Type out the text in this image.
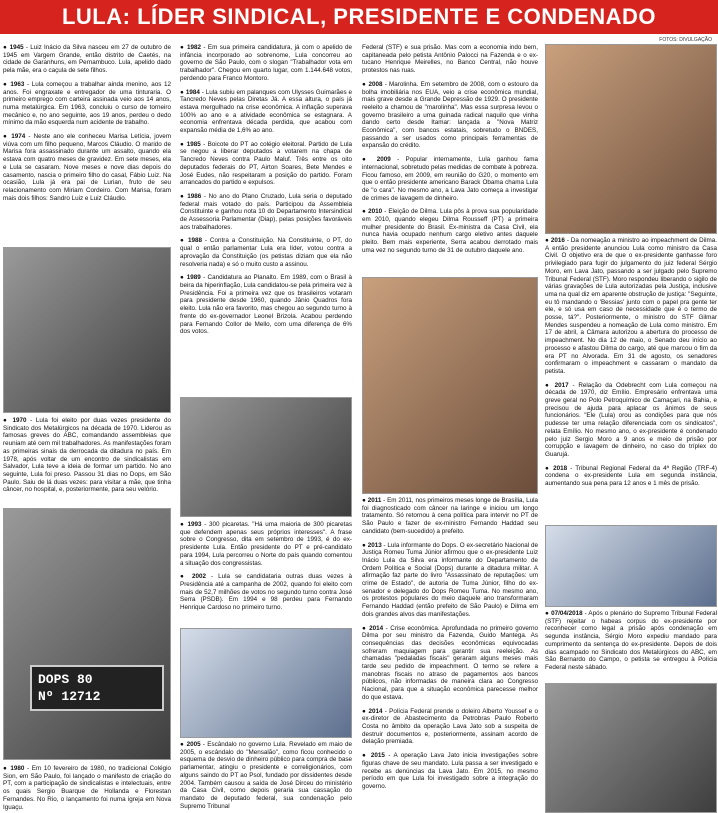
LULA: LÍDER SINDICAL, PRESIDENTE E CONDENADO
FOTOS: DIVULGAÇÃO

● 1945 - Luiz Inácio da Silva nasceu em 27 de outubro de 1945 em Vargem Grande, então distrito de Caetés, na cidade de Garanhuns, em Pernambuco. Lula, apelido dado pela mãe, era o caçula de sete filhos.

● 1963 - Lula começou a trabalhar ainda menino, aos 12 anos. Foi engraxate e entregador de uma tinturaria. O primeiro emprego com carteira assinada veio aos 14 anos, numa metalúrgica. Em 1963, concluiu o curso de torneiro mecânico e, no ano seguinte, aos 19 anos, perdeu o dedo mínimo da mão esquerda num acidente de trabalho.

● 1974 - Neste ano ele conheceu Marisa Letícia, jovem viúva com um filho pequeno, Marcos Cláudio. O marido de Marisa fora assassinado durante um assalto, quando ela estava com quatro meses de gravidez. Em sete meses, ela e Lula se casaram. Nove meses e nove dias depois do casamento, nascia o primeiro filho do casal, Fábio Luiz. Na ocasião, Lula já era pai de Lurian, fruto de seu relacionamento com Miriam Cordeiro. Com Marisa, foram mais dois filhos: Sandro Luiz e Luiz Cláudio.

● 1970 - Lula foi eleito por duas vezes presidente do Sindicato dos Metalúrgicos na década de 1970. Liderou as famosas greves do ABC, comandando assembleias que reuniam até cem mil trabalhadores. As manifestações foram as primeiras sinais da derrocada da ditadura no país. Em 1978, após voltar de um encontro de sindicalistas em Salvador, Lula teve a ideia de formar um partido. No ano seguinte, Lula foi preso. Passou 31 dias no Dops, em São Paulo. Saiu de lá duas vezes: para visitar a mãe, que tinha câncer, no hospital, e, posteriormente, para seu velório.

DOPS 80
Nº 12712

● 1980 - Em 10 fevereiro de 1980, no tradicional Colégio Sion, em São Paulo, foi lançado o manifesto de criação do PT, com a participação de sindicalistas e intelectuais, entre os quais Sergio Buarque de Hollanda e Florestan Fernandes. No Rio, o lançamento foi numa igreja em Nova Iguaçu.

● 1982 - Em sua primeira candidatura, já com o apelido de infância incorporado ao sobrenome, Lula concorreu ao governo de São Paulo, com o slogan "Trabalhador vota em trabalhador". Chegou em quarto lugar, com 1.144.648 votos, perdendo para Franco Montoro.

● 1984 - Lula subiu em palanques com Ulysses Guimarães e Tancredo Neves pelas Diretas Já. A essa altura, o país já estava mergulhado na crise econômica. A inflação superava 100% ao ano e a atividade econômica se estagnara. A economia enfrentava década perdida, que acabou com expansão média de 1,6% ao ano.

● 1985 - Boicote do PT ao colégio eleitoral. Partido de Lula se negou a liberar deputados a votarem na chapa de Tancredo Neves contra Paulo Maluf. Três entre os oito deputados federais do PT, Airton Soares, Bete Mendes e José Eudes, não respeitaram a posição do partido. Foram arrancados do partido e expulsos.

● 1986 - No ano do Plano Cruzado, Lula seria o deputado federal mais votado do país. Participou da Assembleia Constituinte e ganhou nota 10 do Departamento Intersindical de Assessoria Parlamentar (Diap), pelas posições favoráveis aos trabalhadores.

● 1988 - Contra a Constituição. Na Constituinte, o PT, do qual o então parlamentar Lula era líder, votou contra a aprovação da Constituição (os petistas diziam que ela não resolveria nada) e só o muito custo a assinou.

● 1989 - Candidatura ao Planalto. Em 1989, com o Brasil à beira da hiperinflação, Lula candidatou-se pela primeira vez à Presidência. Foi a primeira vez que os brasileiros votaram para presidente desde 1960, quando Jânio Quadros fora eleito. Lula não era favorito, mas chegou ao segundo turno à frente do ex-governador Leonel Brizola. Acabou perdendo para Fernando Collor de Mello, com uma diferença de 6% dos votos.

● 1993 - 300 picaretas. "Há uma maioria de 300 picaretas que defendem apenas seus próprios interesses". A frase sobre o Congresso, dita em setembro de 1993, é do ex-presidente Lula. Então presidente do PT e pré-candidato para 1994, Lula percorreu o Norte do país quando comentou a situação dos congressistas.

● 2002 - Lula se candidataria outras duas vezes à Presidência até a campanha de 2002, quando foi eleito com mais de 52,7 milhões de votos no segundo turno contra José Serra (PSDB). Em 1994 e 98 perdeu para Fernando Henrique Cardoso no primeiro turno.

● 2005 - Escândalo no governo Lula. Revelado em maio de 2005, o escândalo do "Mensalão", como ficou conhecido o esquema de desvio de dinheiro público para compra de base parlamentar, atingiu o presidente e correligionários, com alguns saindo do PT ao Psol, fundado por dissidentes desde 2004. Também causou a saída de José Dirceu do ministério da Casa Civil, como depois geraria sua cassação do mandato de deputado federal, sua condenação pelo Supremo Tribunal

Federal (STF) e sua prisão. Mas com a economia indo bem, capitaneada pelo petista Antônio Palocci na Fazenda e o ex-tucano Henrique Meirelles, no Banco Central, não houve protestos nas ruas.

● 2008 - Marolinha. Em setembro de 2008, com o estouro da bolha imobiliária nos EUA, veio a crise econômica mundial, mais grave desde a Grande Depressão de 1929. O presidente reeleito a chamou de "marolinha". Mas essa surpresa levou o governo brasileiro a uma guinada radical naquilo que vinha dando certo desde Itamar: lançada a "Nova Matriz Econômica", com bancos estatais, sobretudo o BNDES, passando a ser usados como principais ferramentas de expansão do crédito.

● 2009 - Popular internamente, Lula ganhou fama internacional, sobretudo pelas medidas de combate à pobreza. Ficou famoso, em 2009, em reunião do G20, o momento em que o então presidente americano Barack Obama chama Lula de "o cara". No mesmo ano, a Lava Jato começa a investigar de crimes de lavagem de dinheiro.

● 2010 - Eleição de Dilma. Lula pôs à prova sua popularidade em 2010, quando elegeu Dilma Rousseff (PT) a primeira mulher presidente do Brasil. Ex-ministra da Casa Civil, ela nunca havia ocupado nenhum cargo eletivo antes daquele pleito. Bem mais experiente, Serra acabou derrotado mais uma vez no segundo turno de 31 de outubro daquele ano.

● 2011 - Em 2011, nos primeiros meses longe de Brasília, Lula foi diagnosticado com câncer na laringe e iniciou um longo tratamento. Só retornou à cena política para intervir no PT de São Paulo e fazer de ex-ministro Fernando Haddad seu candidato (bem-sucedido) a prefeito.

● 2013 - Lula informante do Dops. O ex-secretário Nacional de Justiça Romeu Tuma Júnior afirmou que o ex-presidente Luiz Inácio Lula da Silva era informante do Departamento de Ordem Política e Social (Dops) durante a ditadura militar. A afirmação faz parte do livro "Assassinato de reputações: um crime de Estado", de autoria de Tuma Júnior, filho do ex-senador e delegado do Dops Romeu Tuma. No mesmo ano, os protestos populares do meio daquele ano transformaram Fernando Haddad (então prefeito de São Paulo) e Dilma em dois grandes alvos das manifestações.

● 2014 - Crise econômica. Aprofundada no primeiro governo Dilma por seu ministro da Fazenda, Guido Mantega. As consequências das decisões econômicas equivocadas sofreram maquiagem para garantir sua reeleição. As chamadas "pedaladas fiscais" geraram alguns meses mais tarde seu pedido de impeachment. O termo se refere a manobras fiscais no atraso de pagamentos aos bancos públicos, não informadas de maneira clara ao Congresso Nacional, para que a situação econômica parecesse melhor do que estava.

● 2014 - Polícia Federal prende o doleiro Alberto Youssef e o ex-diretor de Abastecimento da Petrobras Paulo Roberto Costa no âmbito da operação Lava Jato sob a suspeita de destruir documentos e, posteriormente, assinam acordo de delação premiada.

● 2015 - A operação Lava Jato inicia investigações sobre figuras chave de seu mandato. Lula passa a ser investigado e recebe as denúncias da Lava Jato. Em 2015, no mesmo período em que Lula foi investigado sobre a integração do governo.

● 2016 - Da nomeação a ministro ao impeachment de Dilma. A então presidente anunciou Lula como ministro da Casa Civil. O objetivo era de que o ex-presidente ganhasse foro privilegiado para fugir do julgamento do juiz federal Sérgio Moro, em Lava Jato, passando a ser julgado pelo Supremo Tribunal Federal (STF). Moro respondeu liberando o sigilo de várias gravações de Lula autorizadas pela Justiça, inclusive uma na qual diz em aparente obstrução de justiça: "Seguinte, eu tô mandando o 'Bessias' junto com o papel pra gente ter ele, e só usa em caso de necessidade que é o termo de posse, tá?". Posteriormente, o ministro do STF Gilmar Mendes suspendeu a nomeação de Lula como ministro. Em 17 de abril, a Câmara autorizou a abertura do processo de impeachment. No dia 12 de maio, o Senado deu início ao processo e afastou Dilma do cargo, até que marcou o fim da era PT no Alvorada. Em 31 de agosto, os senadores confirmaram o impeachment e cassaram o mandato da petista.

● 2017 - Relação da Odebrecht com Lula começou na década de 1970, diz Emílio. Empresário enfrentava uma greve geral no Polo Petroquímico de Camaçari, na Bahia, e precisou de ajuda para aplacar os ânimos de seus funcionários. "Ele (Lula) orou as condições para que nós pudesse ter uma relação diferenciada com os sindicatos", relata Emílio. No mesmo ano, o ex-presidente é condenado pelo juiz Sergio Moro a 9 anos e meio de prisão por corrupção e lavagem de dinheiro, no caso do tríplex do Guarujá.

● 2018 - Tribunal Regional Federal da 4ª Região (TRF-4) condena o ex-presidente Lula em segunda instância, aumentando sua pena para 12 anos e 1 mês de prisão.

● 07/04/2018 - Após o plenário do Supremo Tribunal Federal (STF) rejeitar o habeas corpus do ex-presidente por reconhecer como legal a prisão após condenação em segunda instância, Sérgio Moro expediu mandado para cumprimento da sentença do ex-presidente. Depois de dois dias acampado no Sindicato dos Metalúrgicos do ABC, em São Bernardo do Campo, o petista se entregou à Polícia Federal neste sábado.
